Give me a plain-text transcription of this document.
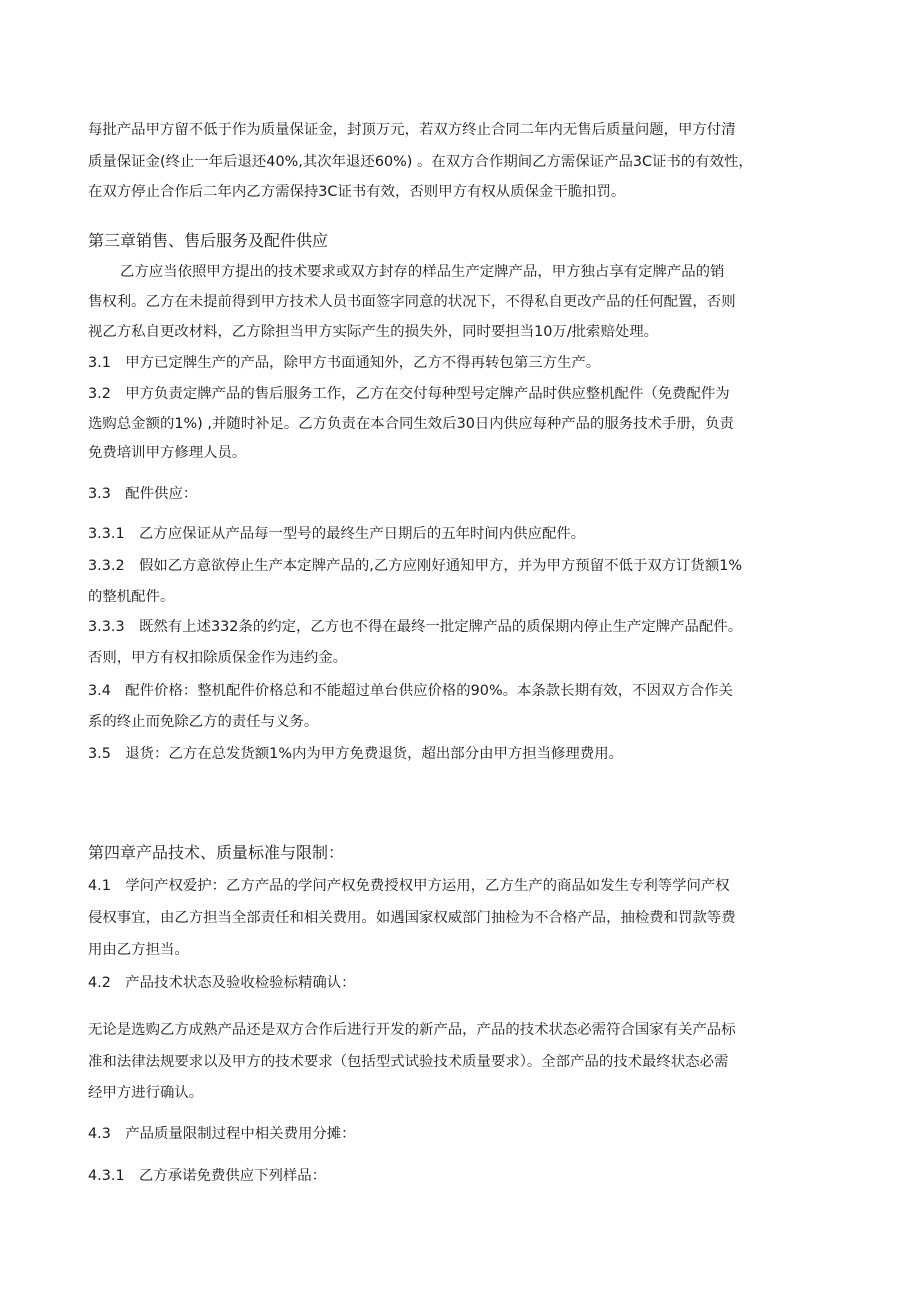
每批产品甲方留不低于作为质量保证金，封顶万元，若双方终止合同二年内无售后质量问题，甲方付清
质量保证金(终止一年后退还40%,其次年退还60%) 。在双方合作期间乙方需保证产品3C证书的有效性，
在双方停止合作后二年内乙方需保持3C证书有效，否则甲方有权从质保金干脆扣罚。
第三章销售、售后服务及配件供应
乙方应当依照甲方提出的技术要求或双方封存的样品生产定牌产品，甲方独占享有定牌产品的销
售权利。乙方在未提前得到甲方技术人员书面签字同意的状况下，不得私自更改产品的任何配置，否则
视乙方私自更改材料，乙方除担当甲方实际产生的损失外，同时要担当10万/批索赔处理。
3.1　甲方已定牌生产的产品，除甲方书面通知外，乙方不得再转包第三方生产。
3.2　甲方负责定牌产品的售后服务工作，乙方在交付每种型号定牌产品时供应整机配件（免费配件为
选购总金额的1%) ,并随时补足。乙方负责在本合同生效后30日内供应每种产品的服务技术手册，负责
免费培训甲方修理人员。
3.3　配件供应：
3.3.1　乙方应保证从产品每一型号的最终生产日期后的五年时间内供应配件。
3.3.2　假如乙方意欲停止生产本定牌产品的,乙方应刚好通知甲方，并为甲方预留不低于双方订货额1%
的整机配件。
3.3.3　既然有上述332条的约定，乙方也不得在最终一批定牌产品的质保期内停止生产定牌产品配件。
否则，甲方有权扣除质保金作为违约金。
3.4　配件价格：整机配件价格总和不能超过单台供应价格的90%。本条款长期有效，不因双方合作关
系的终止而免除乙方的责任与义务。
3.5　退货：乙方在总发货额1%内为甲方免费退货，超出部分由甲方担当修理费用。
第四章产品技术、质量标准与限制：
4.1　学问产权爱护：乙方产品的学问产权免费授权甲方运用，乙方生产的商品如发生专利等学问产权
侵权事宜，由乙方担当全部责任和相关费用。如遇国家权威部门抽检为不合格产品，抽检费和罚款等费
用由乙方担当。
4.2　产品技术状态及验收检验标精确认：
无论是选购乙方成熟产品还是双方合作后进行开发的新产品，产品的技术状态必需符合国家有关产品标
准和法律法规要求以及甲方的技术要求（包括型式试验技术质量要求）。全部产品的技术最终状态必需
经甲方进行确认。
4.3　产品质量限制过程中相关费用分摊：
4.3.1　乙方承诺免费供应下列样品：
